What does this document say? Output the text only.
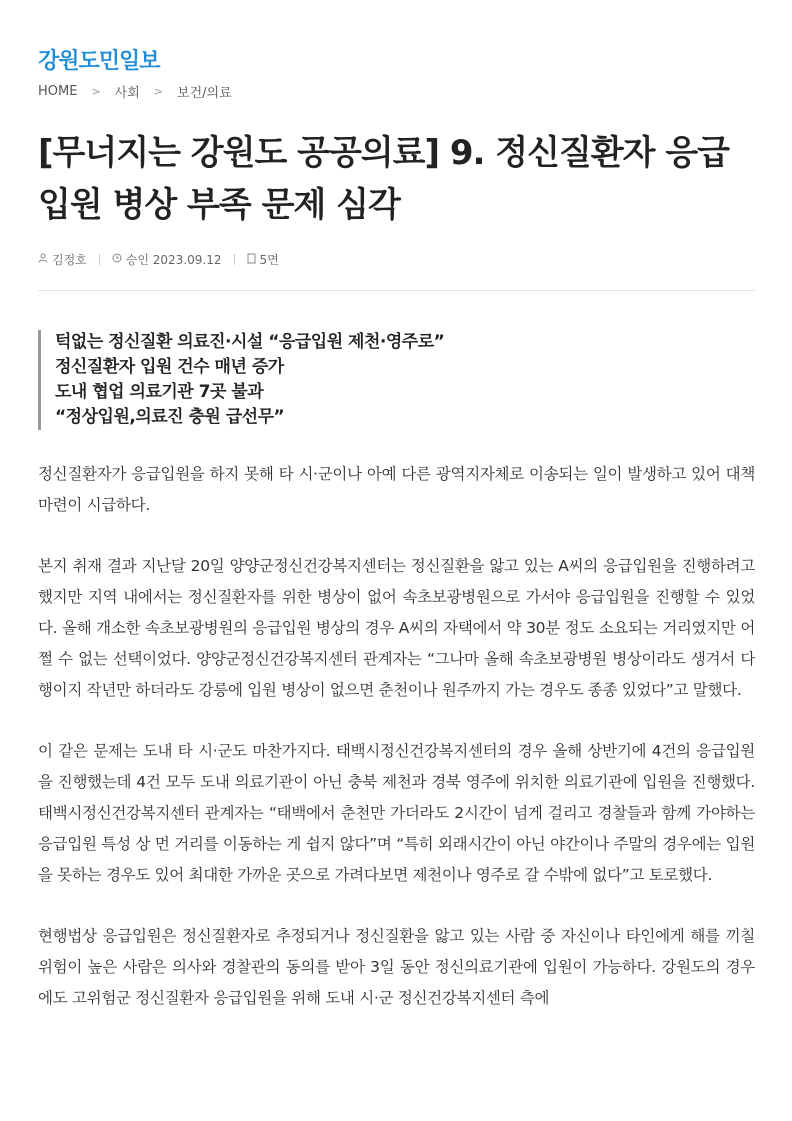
강원도민일보
HOME > 사회 > 보건/의료
[무너지는 강원도 공공의료] 9. 정신질환자 응급입원 병상 부족 문제 심각
김정호	승인 2023.09.12	5면
턱없는 정신질환 의료진·시설 “응급입원 제천·영주로”
정신질환자 입원 건수 매년 증가
도내 협업 의료기관 7곳 불과
“정상입원,의료진 충원 급선무”

정신질환자가 응급입원을 하지 못해 타 시·군이나 아예 다른 광역지자체로 이송되는 일이 발생하고 있어 대책 마련이 시급하다.

본지 취재 결과 지난달 20일 양양군정신건강복지센터는 정신질환을 앓고 있는 A씨의 응급입원을 진행하려고 했지만 지역 내에서는 정신질환자를 위한 병상이 없어 속초보광병원으로 가서야 응급입원을 진행할 수 있었다. 올해 개소한 속초보광병원의 응급입원 병상의 경우 A씨의 자택에서 약 30분 정도 소요되는 거리였지만 어쩔 수 없는 선택이었다. 양양군정신건강복지센터 관계자는 “그나마 올해 속초보광병원 병상이라도 생겨서 다행이지 작년만 하더라도 강릉에 입원 병상이 없으면 춘천이나 원주까지 가는 경우도 종종 있었다”고 말했다.

이 같은 문제는 도내 타 시·군도 마찬가지다. 태백시정신건강복지센터의 경우 올해 상반기에 4건의 응급입원을 진행했는데 4건 모두 도내 의료기관이 아닌 충북 제천과 경북 영주에 위치한 의료기관에 입원을 진행했다. 태백시정신건강복지센터 관계자는 “태백에서 춘천만 가더라도 2시간이 넘게 걸리고 경찰들과 함께 가야하는 응급입원 특성 상 먼 거리를 이동하는 게 쉽지 않다”며 “특히 외래시간이 아닌 야간이나 주말의 경우에는 입원을 못하는 경우도 있어 최대한 가까운 곳으로 가려다보면 제천이나 영주로 갈 수밖에 없다”고 토로했다.

현행법상 응급입원은 정신질환자로 추정되거나 정신질환을 앓고 있는 사람 중 자신이나 타인에게 해를 끼칠 위험이 높은 사람은 의사와 경찰관의 동의를 받아 3일 동안 정신의료기관에 입원이 가능하다. 강원도의 경우에도 고위험군 정신질환자 응급입원을 위해 도내 시·군 정신건강복지센터 측에
